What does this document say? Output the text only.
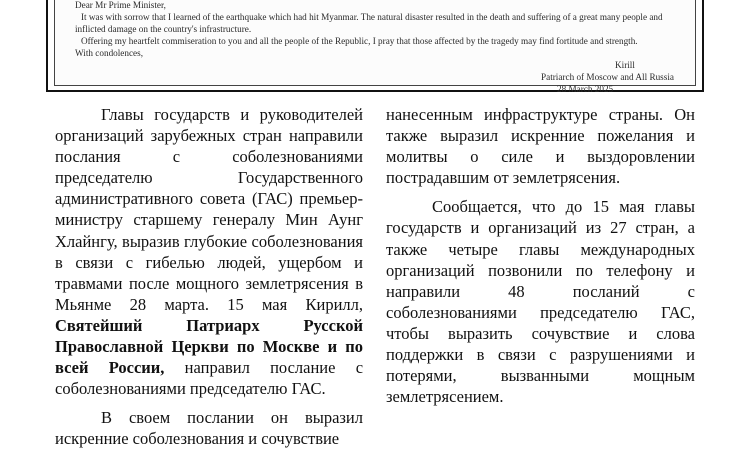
Dear Mr Prime Minister,
It was with sorrow that I learned of the earthquake which had hit Myanmar. The natural disaster resulted in the death and suffering of a great many people and
inflicted damage on the country's infrastructure.
Offering my heartfelt commiseration to you and all the people of the Republic, I pray that those affected by the tragedy may find fortitude and strength.
With condolences,
Kirill
Patriarch of Moscow and All Russia
28 March 2025

Главы государств и руководителей организаций зарубежных стран направили послания с соболезнованиями председателю Государственного административного совета (ГАС) премьер-министру старшему генералу Мин Аунг Хлайнгу, выразив глубокие соболезнования в связи с гибелью людей, ущербом и травмами после мощного землетрясения в Мьянме 28 марта. 15 мая Кирилл, Святейший Патриарх Русской Православной Церкви по Москве и по всей России, направил послание с соболезнованиями председателю ГАС.

В своем послании он выразил искренние соболезнования и сочувствие

нанесенным инфраструктуре страны. Он также выразил искренние пожелания и молитвы о силе и выздоровлении пострадавшим от землетрясения.

Сообщается, что до 15 мая главы государств и организаций из 27 стран, а также четыре главы международных организаций позвонили по телефону и направили 48 посланий с соболезнованиями председателю ГАС, чтобы выразить сочувствие и слова поддержки в связи с разрушениями и потерями, вызванными мощным землетрясением.
